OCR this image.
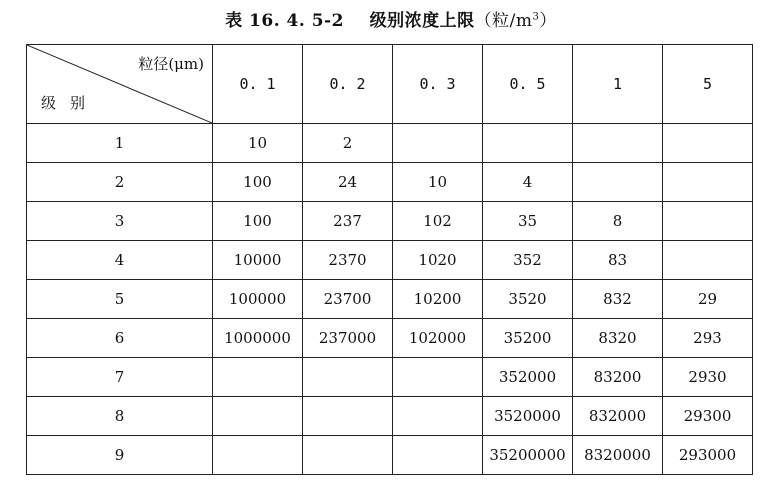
表 16. 4. 5-2 级别浓度上限（粒$/m^3$）
粒径(μm)
级别	0. 1	0. 2	0. 3	0. 5	1	5
1	10	2				
2	100	24	10	4		
3	100	237	102	35	8	
4	10000	2370	1020	352	83	
5	100000	23700	10200	3520	832	29
6	1000000	237000	102000	35200	8320	293
7				352000	83200	2930
8				3520000	832000	29300
9				35200000	8320000	293000
